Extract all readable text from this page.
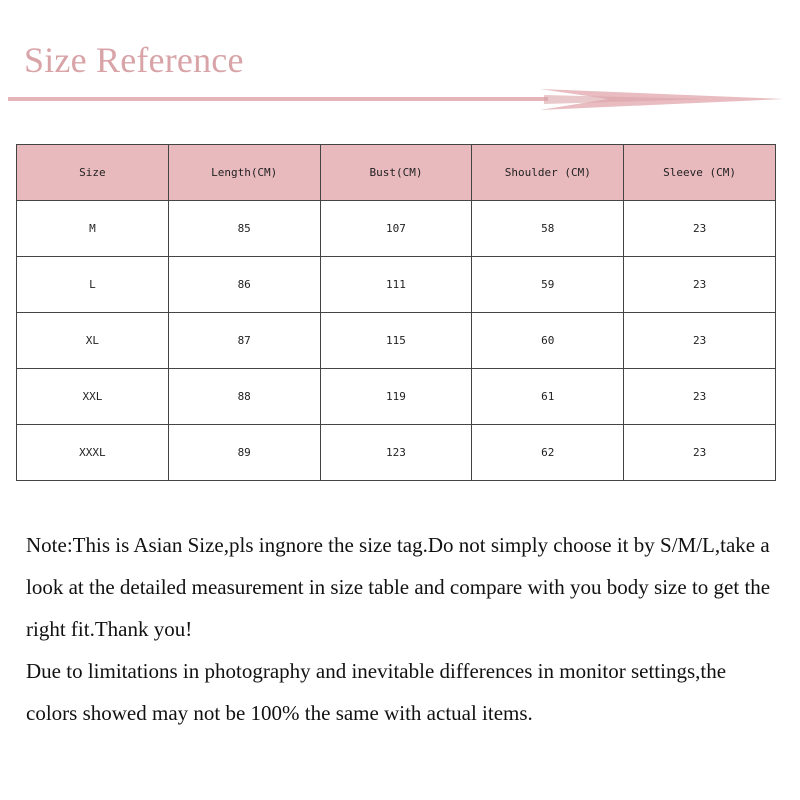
Size Reference
Size	Length(CM)	Bust(CM)	Shoulder (CM)	Sleeve (CM)
M	85	107	58	23
L	86	111	59	23
XL	87	115	60	23
XXL	88	119	61	23
XXXL	89	123	62	23

Note:This is Asian Size,pls ingnore the size tag.Do not simply choose it by S/M/L,take a look at the detailed measurement in size table and compare with you body size to get the right fit.Thank you!

Due to limitations in photography and inevitable differences in monitor settings,the colors showed may not be 100% the same with actual items.
